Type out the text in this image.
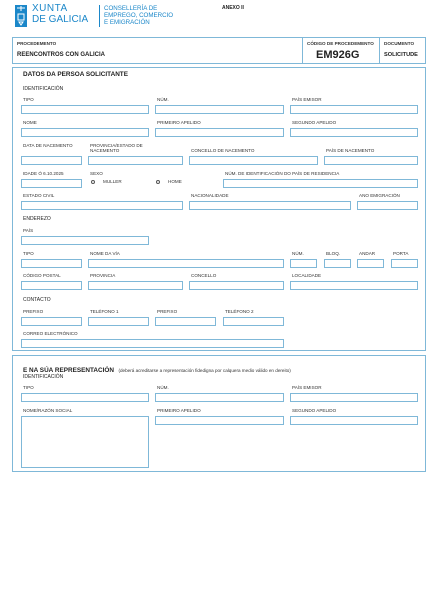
XUNTA
DE GALICIA
CONSELLERÍA DE
EMPREGO, COMERCIO
E EMIGRACIÓN
ANEXO II
PROCEDEMENTO
REENCONTROS CON GALICIA
CÓDIGO DE PROCEDEMENTO
EM926G
DOCUMENTO
SOLICITUDE
DATOS DA PERSOA SOLICITANTE
IDENTIFICACIÓN
TIPO	NÚM.	PAÍS EMISOR
NOME	PRIMEIRO APELIDO	SEGUNDO APELIDO
DATA DE NACEMENTO	PROVINCIA/ESTADO DE NACEMENTO	CONCELLO DE NACEMENTO	PAÍS DE NACEMENTO
IDADE Ó 6.10.2025	SEXO
MULLER	HOME
NÚM. DE IDENTIFICACIÓN DO PAÍS DE RESIDENCIA
ESTADO CIVIL	NACIONALIDADE	ANO EMIGRACIÓN
ENDEREZO
PAÍS
TIPO	NOME DA VÍA	NÚM.	BLOQ.	ANDAR	PORTA
CÓDIGO POSTAL	PROVINCIA	CONCELLO	LOCALIDADE
CONTACTO
PREFIXO	TELÉFONO 1	PREFIXO	TELÉFONO 2
CORREO ELECTRÓNICO
E NA SÚA REPRESENTACIÓN (deberá acreditarse a representación fidedigna por calquera medio válido en dereito)
IDENTIFICACIÓN
TIPO	NÚM.	PAÍS EMISOR
NOME/RAZÓN SOCIAL	PRIMEIRO APELIDO	SEGUNDO APELIDO
